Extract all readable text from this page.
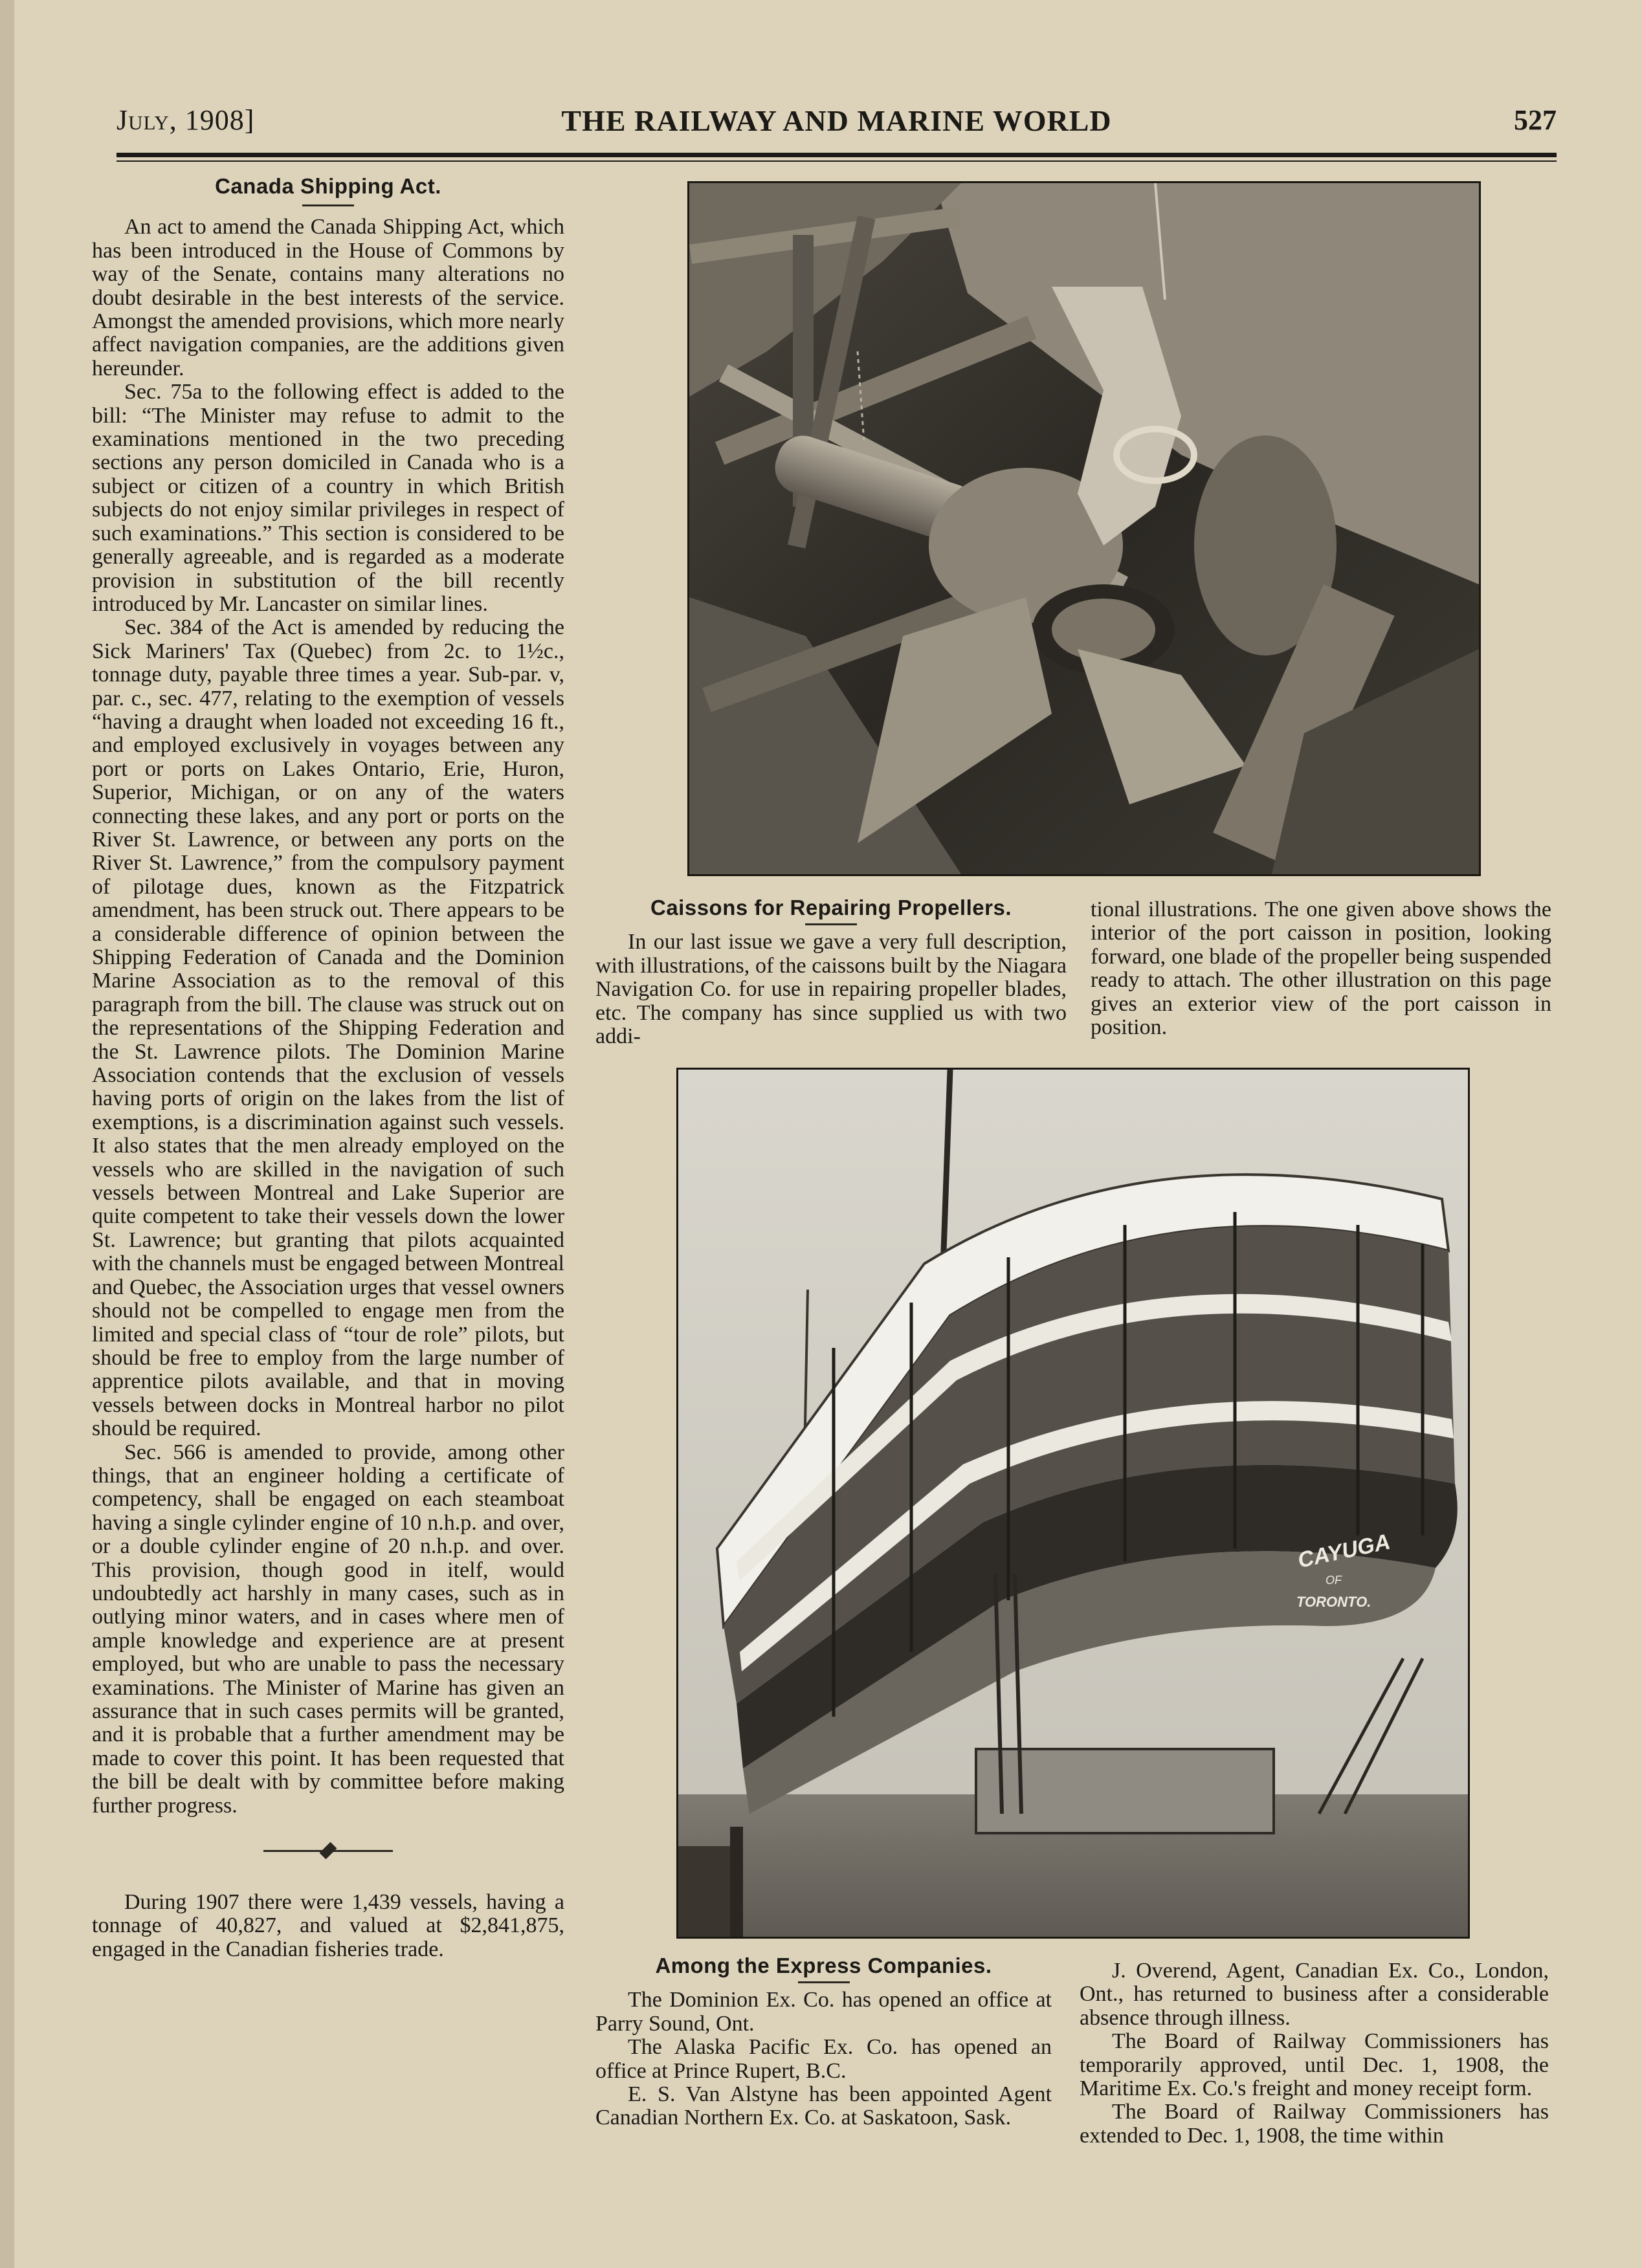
July, 1908]	THE RAILWAY AND MARINE WORLD	527
Canada Shipping Act.

An act to amend the Canada Shipping Act, which has been introduced in the House of Commons by way of the Senate, contains many alterations no doubt desirable in the best interests of the service. Amongst the amended provisions, which more nearly affect navigation companies, are the additions given hereunder.

Sec. 75a to the following effect is added to the bill: “The Minister may refuse to admit to the examinations mentioned in the two preceding sections any person domiciled in Canada who is a subject or citizen of a country in which British subjects do not enjoy similar privileges in respect of such examinations.” This section is considered to be generally agreeable, and is regarded as a moderate provision in substitution of the bill recently introduced by Mr. Lancaster on similar lines.

Sec. 384 of the Act is amended by reducing the Sick Mariners' Tax (Quebec) from 2c. to 1½c., tonnage duty, payable three times a year. Sub-par. v, par. c., sec. 477, relating to the exemption of vessels “having a draught when loaded not exceeding 16 ft., and employed exclusively in voyages between any port or ports on Lakes Ontario, Erie, Huron, Superior, Michigan, or on any of the waters connecting these lakes, and any port or ports on the River St. Lawrence, or between any ports on the River St. Lawrence,” from the compulsory payment of pilotage dues, known as the Fitzpatrick amendment, has been struck out. There appears to be a considerable difference of opinion between the Shipping Federation of Canada and the Dominion Marine Association as to the removal of this paragraph from the bill. The clause was struck out on the representations of the Shipping Federation and the St. Lawrence pilots. The Dominion Marine Association contends that the exclusion of vessels having ports of origin on the lakes from the list of exemptions, is a discrimination against such vessels. It also states that the men already employed on the vessels who are skilled in the navigation of such vessels between Montreal and Lake Superior are quite competent to take their vessels down the lower St. Lawrence; but granting that pilots acquainted with the channels must be engaged between Montreal and Quebec, the Association urges that vessel owners should not be compelled to engage men from the limited and special class of “tour de role” pilots, but should be free to employ from the large number of apprentice pilots available, and that in moving vessels between docks in Montreal harbor no pilot should be required.

Sec. 566 is amended to provide, among other things, that an engineer holding a certificate of competency, shall be engaged on each steamboat having a single cylinder engine of 10 n.h.p. and over, or a double cylinder engine of 20 n.h.p. and over. This provision, though good in itelf, would undoubtedly act harshly in many cases, such as in outlying minor waters, and in cases where men of ample knowledge and experience are at present employed, but who are unable to pass the necessary examinations. The Minister of Marine has given an assurance that in such cases permits will be granted, and it is probable that a further amendment may be made to cover this point. It has been requested that the bill be dealt with by committee before making further progress.

During 1907 there were 1,439 vessels, having a tonnage of 40,827, and valued at $2,841,875, engaged in the Canadian fisheries trade.

Caissons for Repairing Propellers.

In our last issue we gave a very full description, with illustrations, of the caissons built by the Niagara Navigation Co. for use in repairing propeller blades, etc. The company has since supplied us with two addi-

tional illustrations. The one given above shows the interior of the port caisson in position, looking forward, one blade of the propeller being suspended ready to attach. The other illustration on this page gives an exterior view of the port caisson in position.

CAYUGA
OF
TORONTO.
Among the Express Companies.

The Dominion Ex. Co. has opened an office at Parry Sound, Ont.

The Alaska Pacific Ex. Co. has opened an office at Prince Rupert, B.C.

E. S. Van Alstyne has been appointed Agent Canadian Northern Ex. Co. at Saskatoon, Sask.

J. Overend, Agent, Canadian Ex. Co., London, Ont., has returned to business after a considerable absence through illness.

The Board of Railway Commissioners has temporarily approved, until Dec. 1, 1908, the Maritime Ex. Co.'s freight and money receipt form.

The Board of Railway Commissioners has extended to Dec. 1, 1908, the time within
